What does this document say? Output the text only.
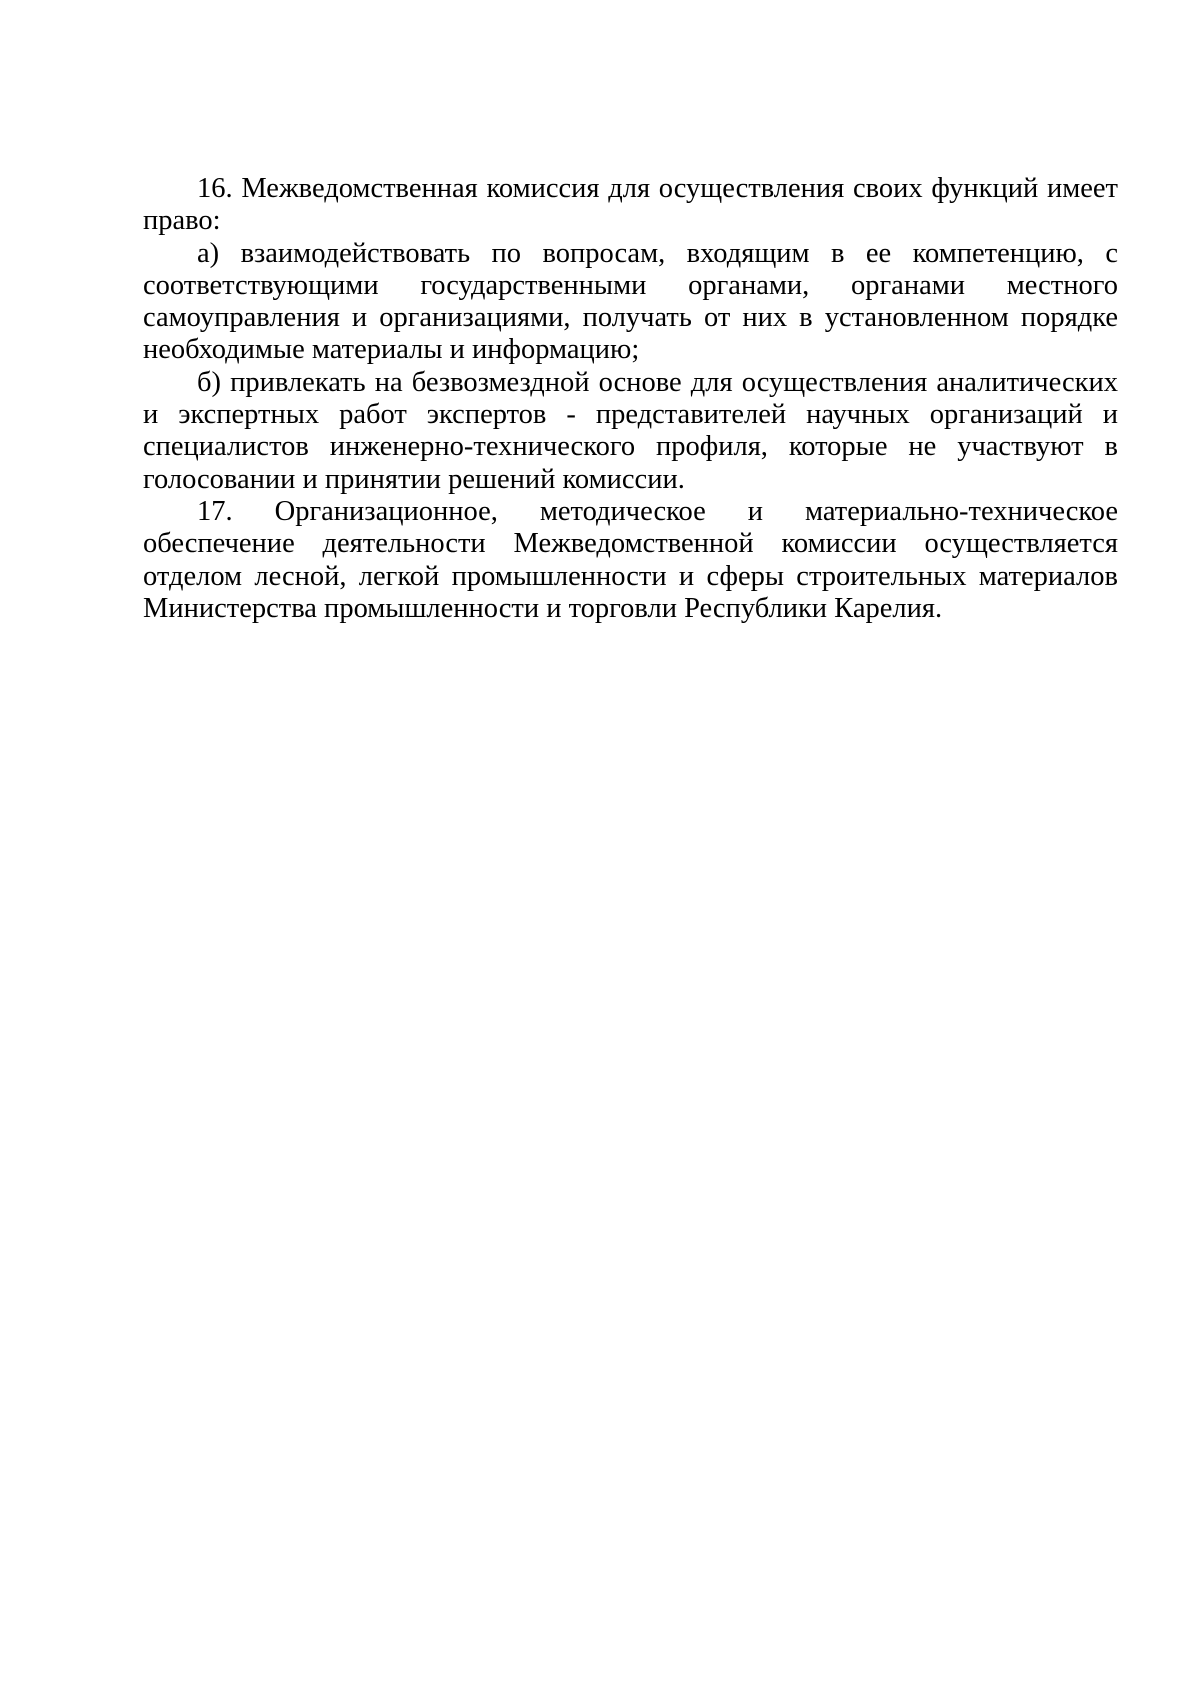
16. Межведомственная комиссия для осуществления своих функций имеет право:

а) взаимодействовать по вопросам, входящим в ее компетенцию, с соответствующими государственными органами, органами местного самоуправления и организациями, получать от них в установленном порядке необходимые материалы и информацию;

б) привлекать на безвозмездной основе для осуществления аналитических и экспертных работ экспертов - представителей научных организаций и специалистов инженерно-технического профиля, которые не участвуют в голосовании и принятии решений комиссии.

17. Организационное, методическое и материально-техническое обеспечение деятельности Межведомственной комиссии осуществляется отделом лесной, легкой промышленности и сферы строительных материалов Министерства промышленности и торговли Республики Карелия.
